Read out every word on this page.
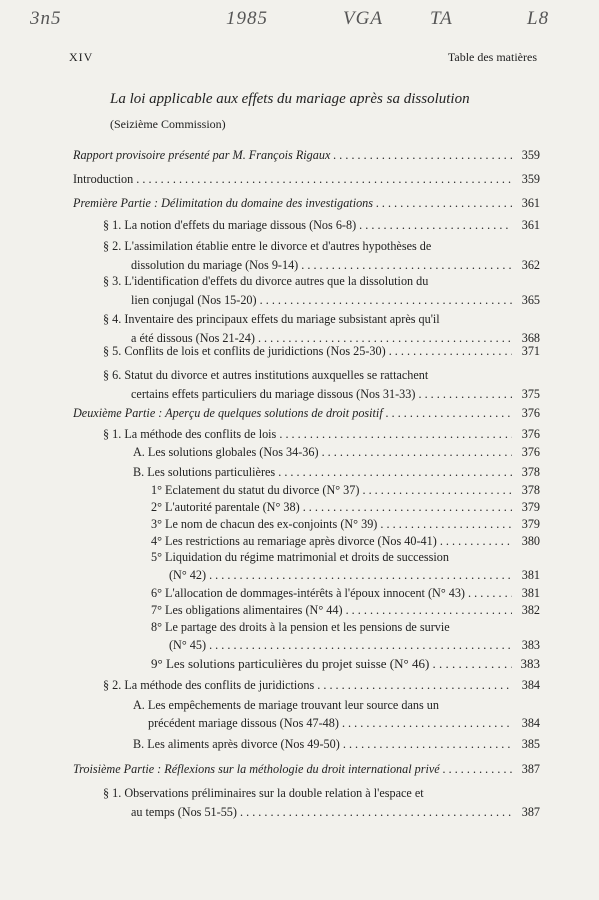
3n5	1985	VGA TA	L8
XIV	Table des matières
La loi applicable aux effets du mariage après sa dissolution
(Seizième Commission)
Rapport provisoire présenté par M. François Rigaux . . .	359
Introduction . . .	359
Première Partie : Délimitation du domaine des investigations . . .	361
§ 1. La notion d'effets du mariage dissous (Nos 6-8) . . .	361
§ 2. L'assimilation établie entre le divorce et d'autres hypothèses de
dissolution du mariage (Nos 9-14) . . .	362
§ 3. L'identification d'effets du divorce autres que la dissolution du
lien conjugal (Nos 15-20) . . .	365
§ 4. Inventaire des principaux effets du mariage subsistant après qu'il
a été dissous (Nos 21-24) . . .	368
§ 5. Conflits de lois et conflits de juridictions (Nos 25-30) . . .	371
§ 6. Statut du divorce et autres institutions auxquelles se rattachent
certains effets particuliers du mariage dissous (Nos 31-33) . . .	375
Deuxième Partie : Aperçu de quelques solutions de droit positif . . .	376
§ 1. La méthode des conflits de lois . . .	376
A. Les solutions globales (Nos 34-36) . . .	376
B. Les solutions particulières . . .	378
1° Eclatement du statut du divorce (N° 37) . . .	378
2° L'autorité parentale (N° 38) . . .	379
3° Le nom de chacun des ex-conjoints (N° 39) . . .	379
4° Les restrictions au remariage après divorce (Nos 40-41) . . .	380
5° Liquidation du régime matrimonial et droits de succession
(N° 42) . . .	381
6° L'allocation de dommages-intérêts à l'époux innocent (N° 43) . . .	381
7° Les obligations alimentaires (N° 44) . . .	382
8° Le partage des droits à la pension et les pensions de survie
(N° 45) . . .	383
9° Les solutions particulières du projet suisse (N° 46) . . .	383
§ 2. La méthode des conflits de juridictions . . .	384
A. Les empêchements de mariage trouvant leur source dans un
précédent mariage dissous (Nos 47-48) . . .	384
B. Les aliments après divorce (Nos 49-50) . . .	385
Troisième Partie : Réflexions sur la méthologie du droit international privé . . .	387
§ 1. Observations préliminaires sur la double relation à l'espace et
au temps (Nos 51-55) . . .	387
